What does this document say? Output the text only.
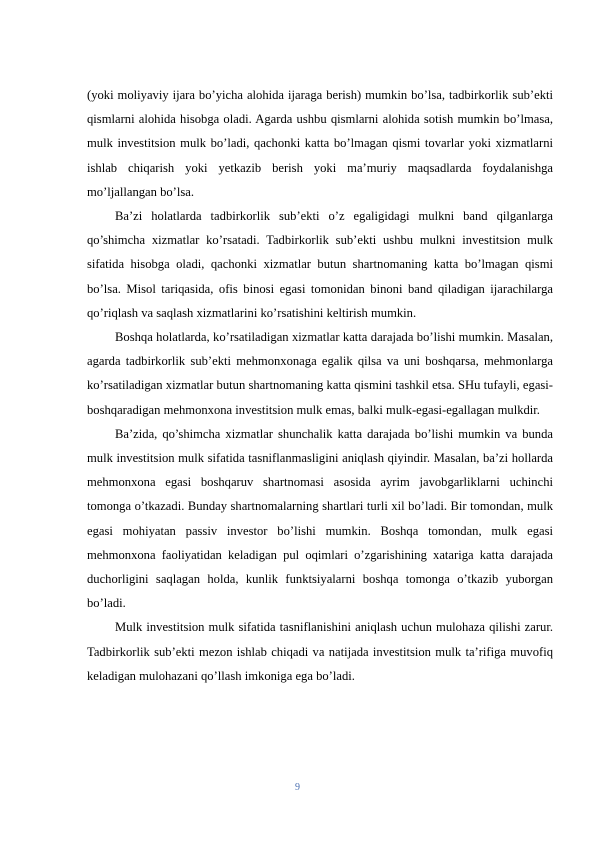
(yoki moliyaviy ijara bo’yicha alohida ijaraga berish) mumkin bo’lsa, tadbirkorlik sub’ekti qismlarni alohida hisobga oladi. Agarda ushbu qismlarni alohida sotish mumkin bo’lmasa, mulk investitsion mulk bo’ladi, qachonki katta bo’lmagan qismi tovarlar yoki xizmatlarni ishlab chiqarish yoki yetkazib berish yoki ma’muriy maqsadlarda foydalanishga mo’ljallangan bo’lsa.

Ba’zi holatlarda tadbirkorlik sub’ekti o’z egaligidagi mulkni band qilganlarga qo’shimcha xizmatlar ko’rsatadi. Tadbirkorlik sub’ekti ushbu mulkni investitsion mulk sifatida hisobga oladi, qachonki xizmatlar butun shartnomaning katta bo’lmagan qismi bo’lsa. Misol tariqasida, ofis binosi egasi tomonidan binoni band qiladigan ijarachilarga qo’riqlash va saqlash xizmatlarini ko’rsatishini keltirish mumkin.

Boshqa holatlarda, ko’rsatiladigan xizmatlar katta darajada bo’lishi mumkin. Masalan, agarda tadbirkorlik sub’ekti mehmonxonaga egalik qilsa va uni boshqarsa, mehmonlarga ko’rsatiladigan xizmatlar butun shartnomaning katta qismini tashkil etsa. SHu tufayli, egasi-boshqaradigan mehmonxona investitsion mulk emas, balki mulk-egasi-egallagan mulkdir.

Ba’zida, qo’shimcha xizmatlar shunchalik katta darajada bo’lishi mumkin va bunda mulk investitsion mulk sifatida tasniflanmasligini aniqlash qiyindir. Masalan, ba’zi hollarda mehmonxona egasi boshqaruv shartnomasi asosida ayrim javobgarliklarni uchinchi tomonga o’tkazadi. Bunday shartnomalarning shartlari turli xil bo’ladi. Bir tomondan, mulk egasi mohiyatan passiv investor bo’lishi mumkin. Boshqa tomondan, mulk egasi mehmonxona faoliyatidan keladigan pul oqimlari o’zgarishining xatariga katta darajada duchorligini saqlagan holda, kunlik funktsiyalarni boshqa tomonga o’tkazib yuborgan bo’ladi.

Mulk investitsion mulk sifatida tasniflanishini aniqlash uchun mulohaza qilishi zarur. Tadbirkorlik sub’ekti mezon ishlab chiqadi va natijada investitsion mulk ta’rifiga muvofiq keladigan mulohazani qo’llash imkoniga ega bo’ladi.

9
